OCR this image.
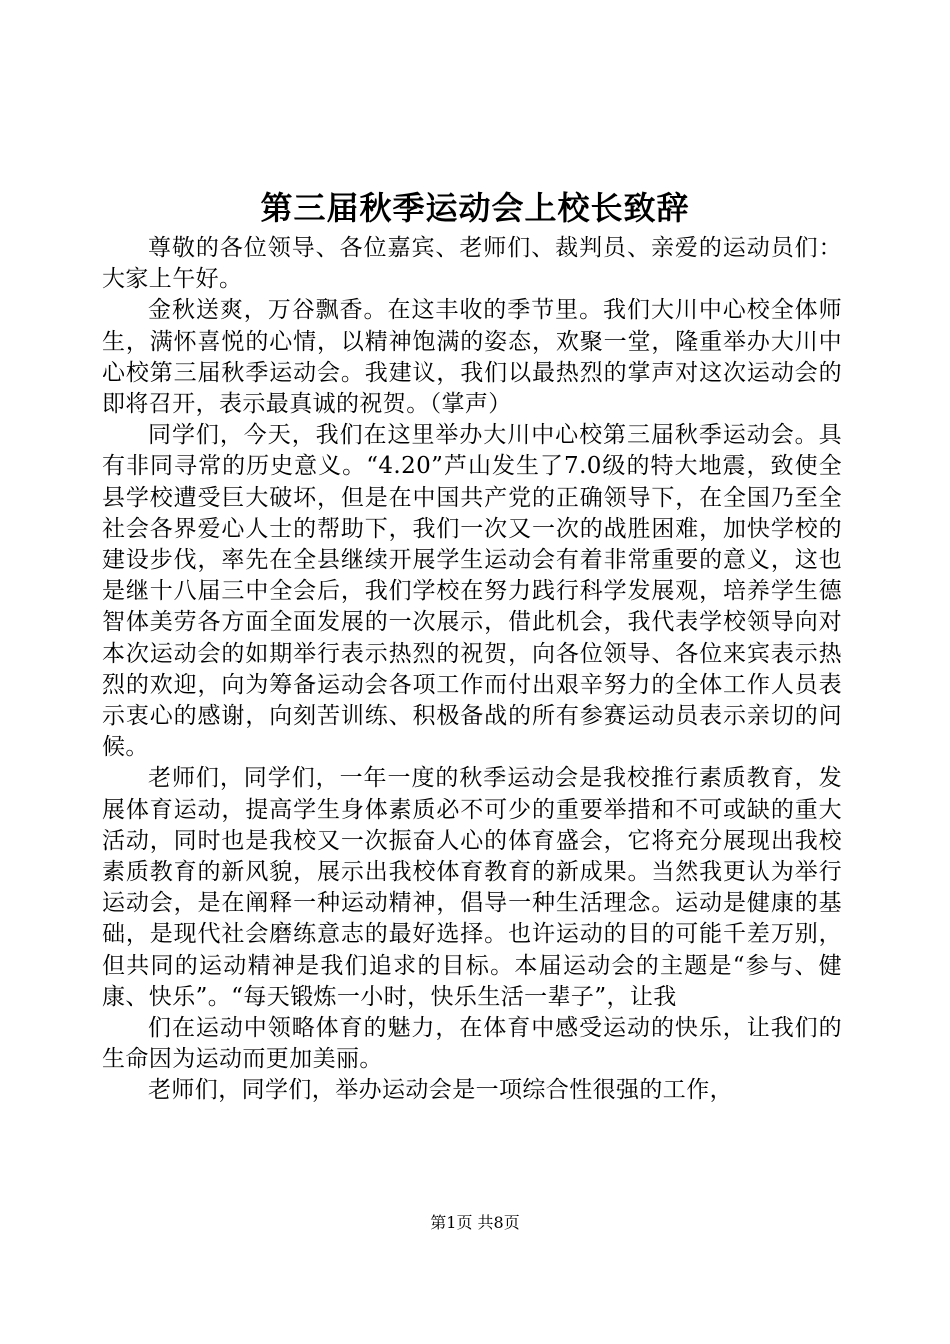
第三届秋季运动会上校长致辞

尊敬的各位领导、各位嘉宾、老师们、裁判员、亲爱的运动员们：大家上午好。

金秋送爽，万谷飘香。在这丰收的季节里。我们大川中心校全体师生，满怀喜悦的心情，以精神饱满的姿态，欢聚一堂，隆重举办大川中心校第三届秋季运动会。我建议，我们以最热烈的掌声对这次运动会的即将召开，表示最真诚的祝贺。（掌声）

同学们，今天，我们在这里举办大川中心校第三届秋季运动会。具有非同寻常的历史意义。“4.20”芦山发生了7.0级的特大地震，致使全县学校遭受巨大破坏，但是在中国共产党的正确领导下，在全国乃至全社会各界爱心人士的帮助下，我们一次又一次的战胜困难，加快学校的建设步伐，率先在全县继续开展学生运动会有着非常重要的意义，这也是继十八届三中全会后，我们学校在努力践行科学发展观，培养学生德智体美劳各方面全面发展的一次展示，借此机会，我代表学校领导向对本次运动会的如期举行表示热烈的祝贺，向各位领导、各位来宾表示热烈的欢迎，向为筹备运动会各项工作而付出艰辛努力的全体工作人员表示衷心的感谢，向刻苦训练、积极备战的所有参赛运动员表示亲切的问候。

老师们，同学们，一年一度的秋季运动会是我校推行素质教育，发展体育运动，提高学生身体素质必不可少的重要举措和不可或缺的重大活动，同时也是我校又一次振奋人心的体育盛会，它将充分展现出我校素质教育的新风貌，展示出我校体育教育的新成果。当然我更认为举行运动会，是在阐释一种运动精神，倡导一种生活理念。运动是健康的基础，是现代社会磨练意志的最好选择。也许运动的目的可能千差万别，但共同的运动精神是我们追求的目标。本届运动会的主题是“参与、健康、快乐”。“每天锻炼一小时，快乐生活一辈子”，让我

们在运动中领略体育的魅力，在体育中感受运动的快乐，让我们的生命因为运动而更加美丽。

老师们，同学们，举办运动会是一项综合性很强的工作，

第1页 共8页
